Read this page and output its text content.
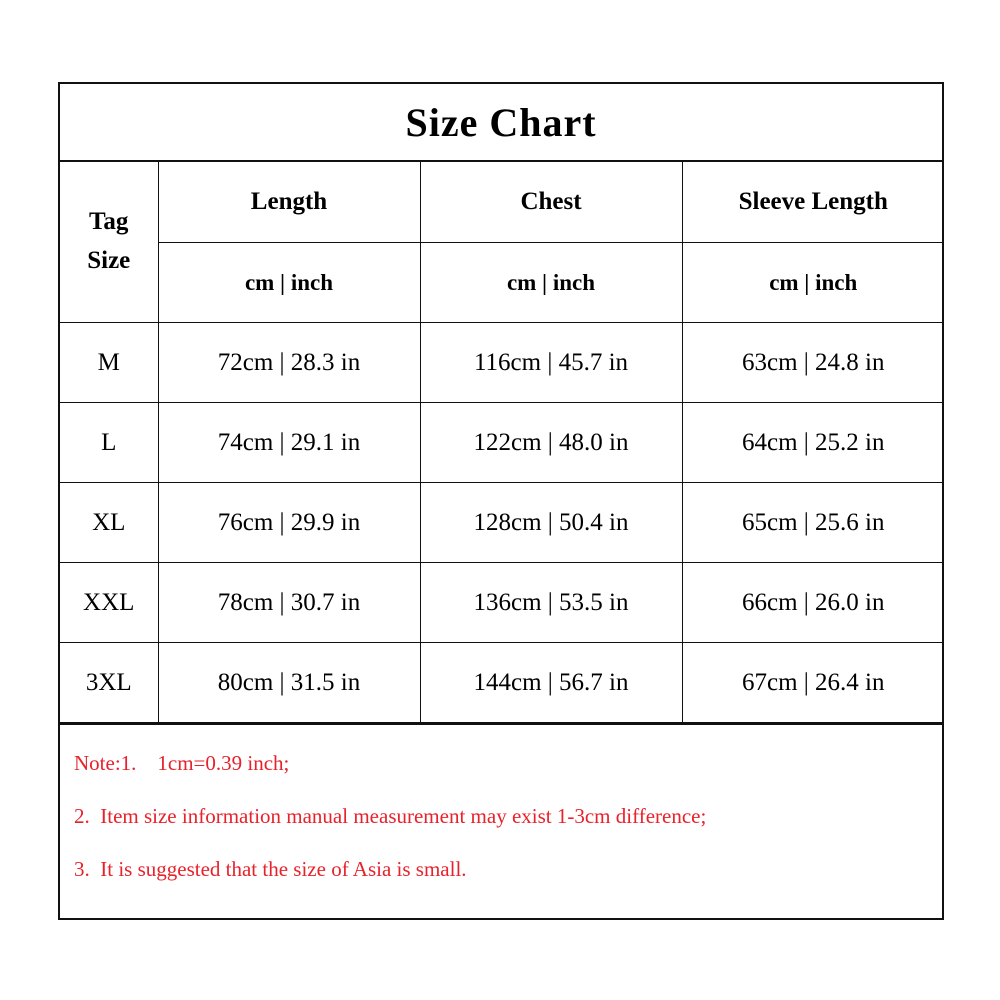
Size Chart
Tag
Size	Length	Chest	Sleeve Length
	cm | inch	cm | inch	cm | inch
M	72cm | 28.3 in	116cm | 45.7 in	63cm | 24.8 in
L	74cm | 29.1 in	122cm | 48.0 in	64cm | 25.2 in
XL	76cm | 29.9 in	128cm | 50.4 in	65cm | 25.6 in
XXL	78cm | 30.7 in	136cm | 53.5 in	66cm | 26.0 in
3XL	80cm | 31.5 in	144cm | 56.7 in	67cm | 26.4 in
Note:1.    1cm=0.39 inch;
2.  Item size information manual measurement may exist 1-3cm difference;
3.  It is suggested that the size of Asia is small.
